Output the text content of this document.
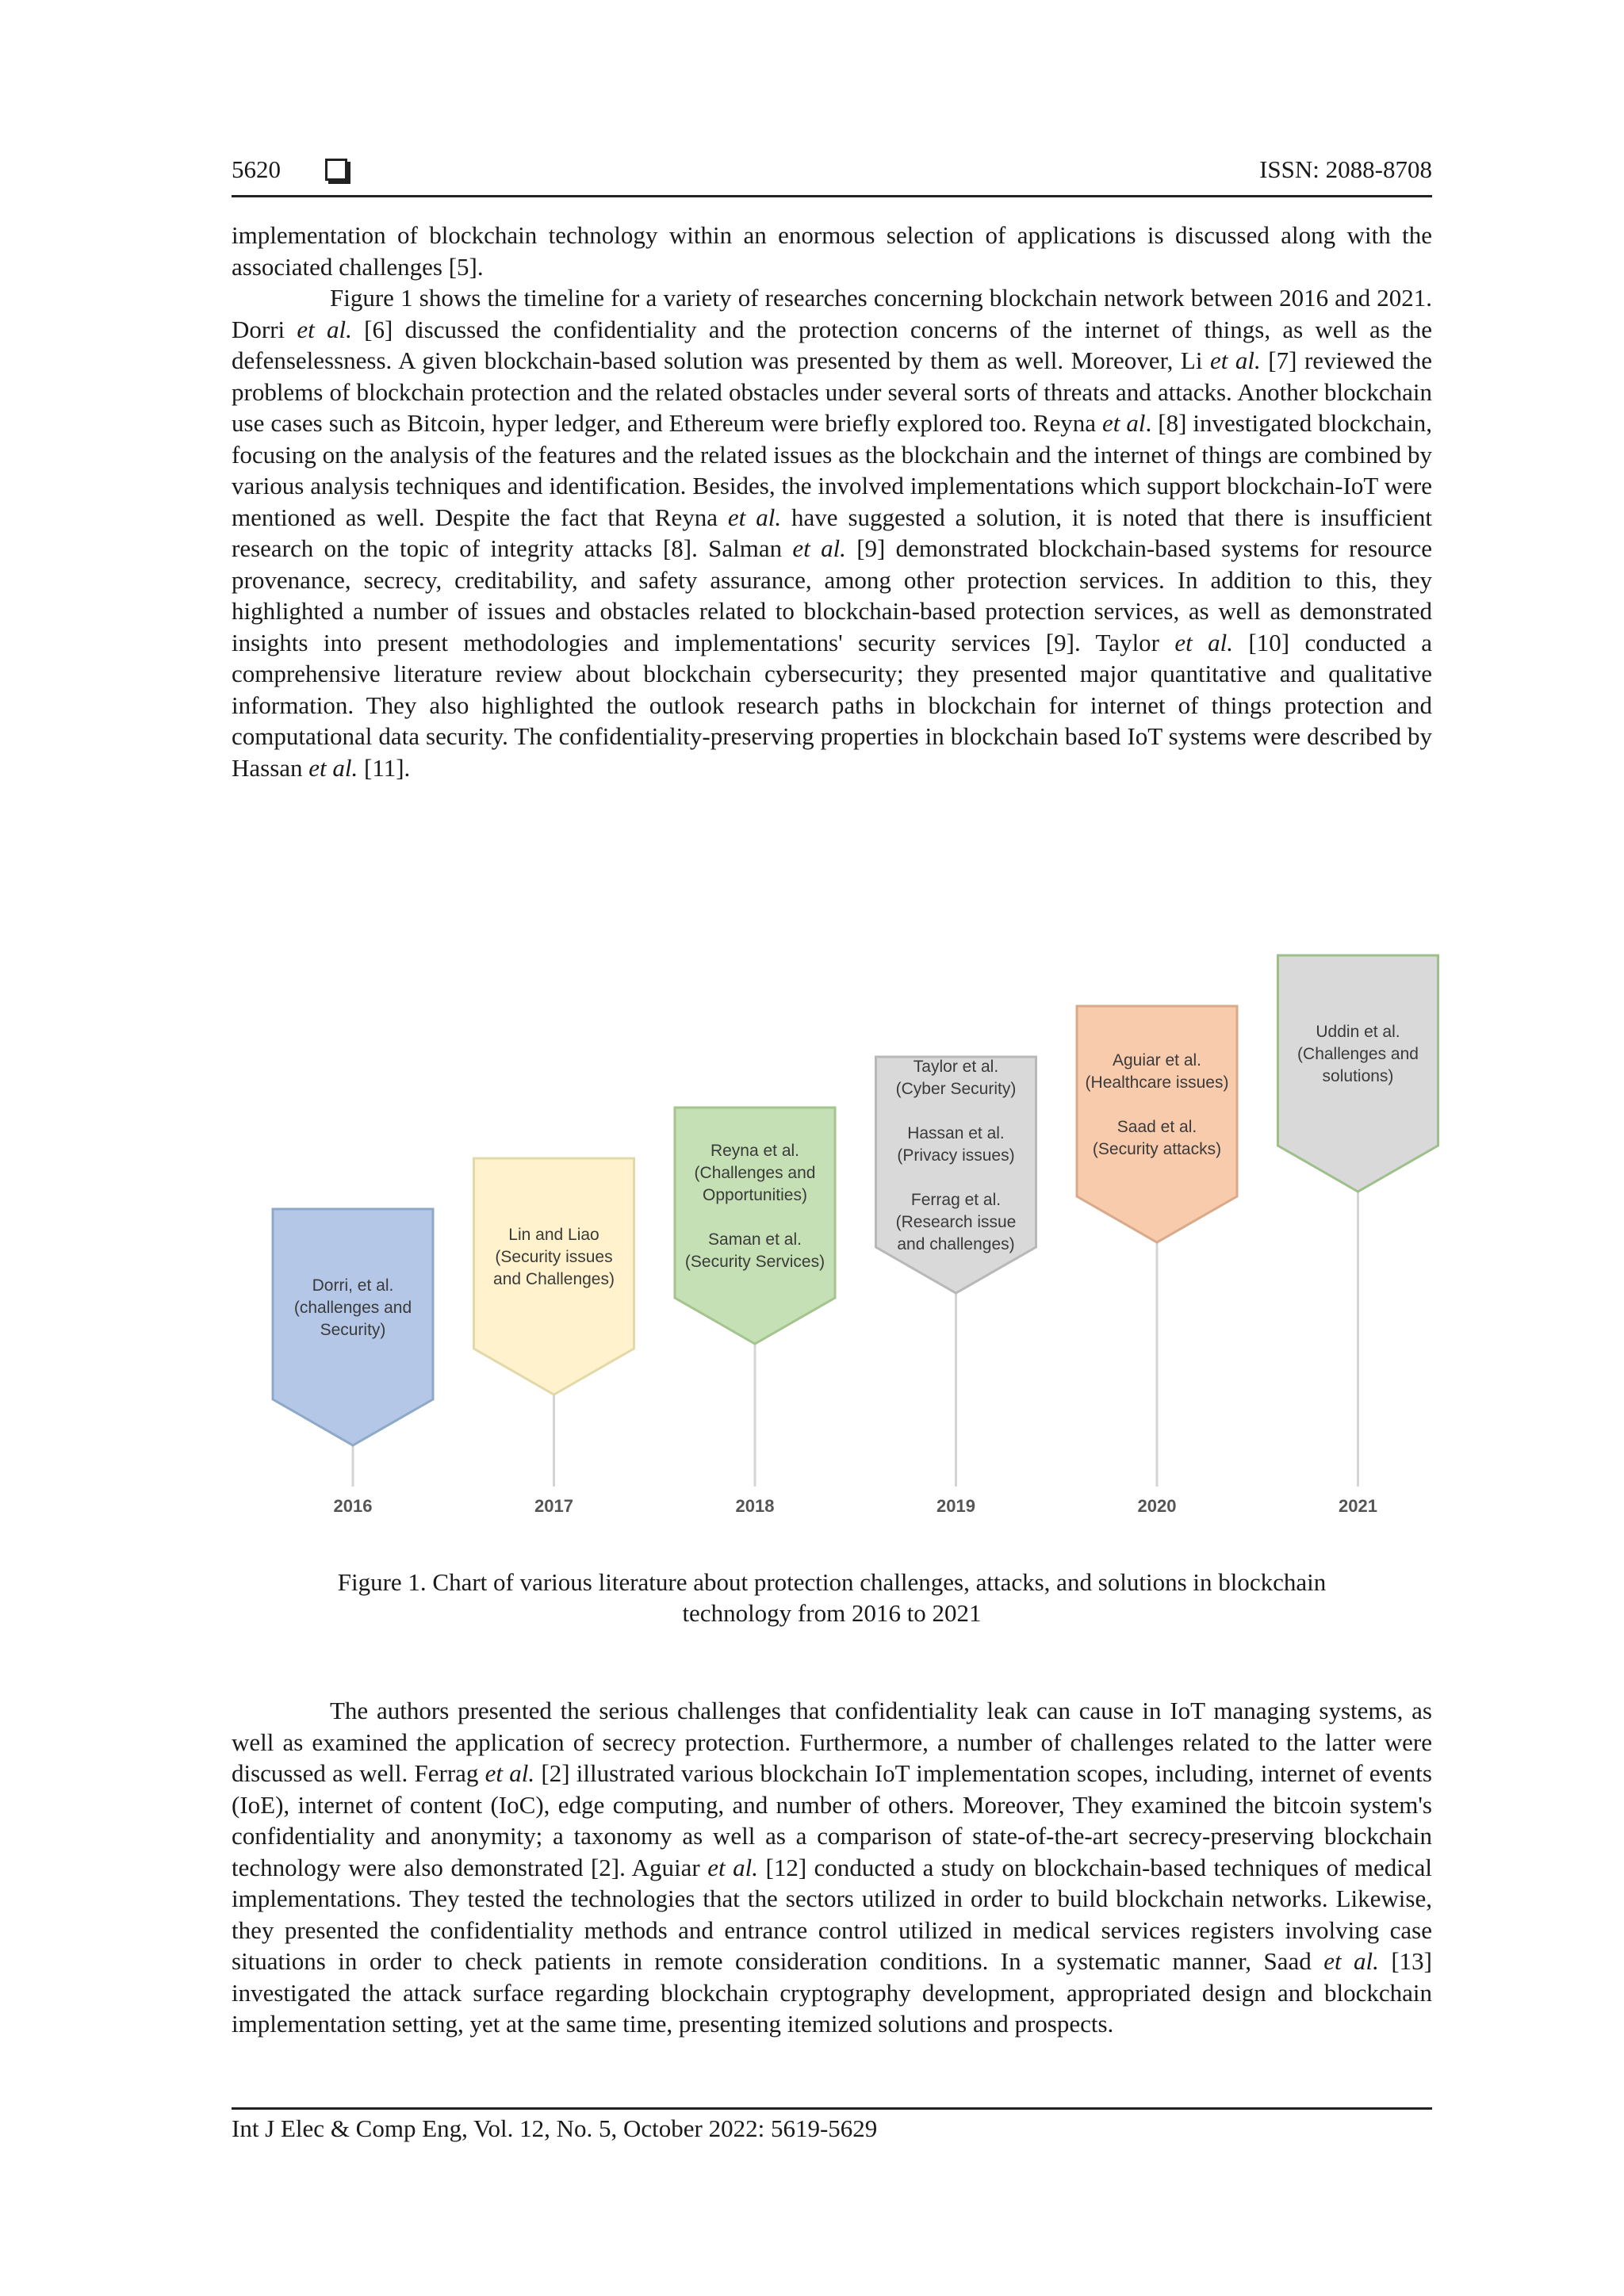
5620	ISSN: 2088-8708

implementation of blockchain technology within an enormous selection of applications is discussed along with the associated challenges [5].

Figure 1 shows the timeline for a variety of researches concerning blockchain network between 2016 and 2021. Dorri et al. [6] discussed the confidentiality and the protection concerns of the internet of things, as well as the defenselessness. A given blockchain-based solution was presented by them as well. Moreover, Li et al. [7] reviewed the problems of blockchain protection and the related obstacles under several sorts of threats and attacks. Another blockchain use cases such as Bitcoin, hyper ledger, and Ethereum were briefly explored too. Reyna et al. [8] investigated blockchain, focusing on the analysis of the features and the related issues as the blockchain and the internet of things are combined by various analysis techniques and identification. Besides, the involved implementations which support blockchain-IoT were mentioned as well. Despite the fact that Reyna et al. have suggested a solution, it is noted that there is insufficient research on the topic of integrity attacks [8]. Salman et al. [9] demonstrated blockchain-based systems for resource provenance, secrecy, creditability, and safety assurance, among other protection services. In addition to this, they highlighted a number of issues and obstacles related to blockchain-based protection services, as well as demonstrated insights into present methodologies and implementations' security services [9]. Taylor et al. [10] conducted a comprehensive literature review about blockchain cybersecurity; they presented major quantitative and qualitative information. They also highlighted the outlook research paths in blockchain for internet of things protection and computational data security. The confidentiality-preserving properties in blockchain based IoT systems were described by Hassan et al. [11].

Dorri, et al.
(challenges and
Security)
2016
Lin and Liao
(Security issues
and Challenges)
2017
Reyna et al.
(Challenges and
Opportunities)
Saman et al.
(Security Services)
2018
Taylor et al.
(Cyber Security)
Hassan et al.
(Privacy issues)
Ferrag et al.
(Research issue
and challenges)
2019
Aguiar et al.
(Healthcare issues)
Saad et al.
(Security attacks)
2020
Uddin et al.
(Challenges and
solutions)
2021
Figure 1. Chart of various literature about protection challenges, attacks, and solutions in blockchain
technology from 2016 to 2021

The authors presented the serious challenges that confidentiality leak can cause in IoT managing systems, as well as examined the application of secrecy protection. Furthermore, a number of challenges related to the latter were discussed as well. Ferrag et al. [2] illustrated various blockchain IoT implementation scopes, including, internet of events (IoE), internet of content (IoC), edge computing, and number of others. Moreover, They examined the bitcoin system's confidentiality and anonymity; a taxonomy as well as a comparison of state-of-the-art secrecy-preserving blockchain technology were also demonstrated [2]. Aguiar et al. [12] conducted a study on blockchain-based techniques of medical implementations. They tested the technologies that the sectors utilized in order to build blockchain networks. Likewise, they presented the confidentiality methods and entrance control utilized in medical services registers involving case situations in order to check patients in remote consideration conditions. In a systematic manner, Saad et al. [13] investigated the attack surface regarding blockchain cryptography development, appropriated design and blockchain implementation setting, yet at the same time, presenting itemized solutions and prospects.

Int J Elec & Comp Eng, Vol. 12, No. 5, October 2022: 5619-5629
